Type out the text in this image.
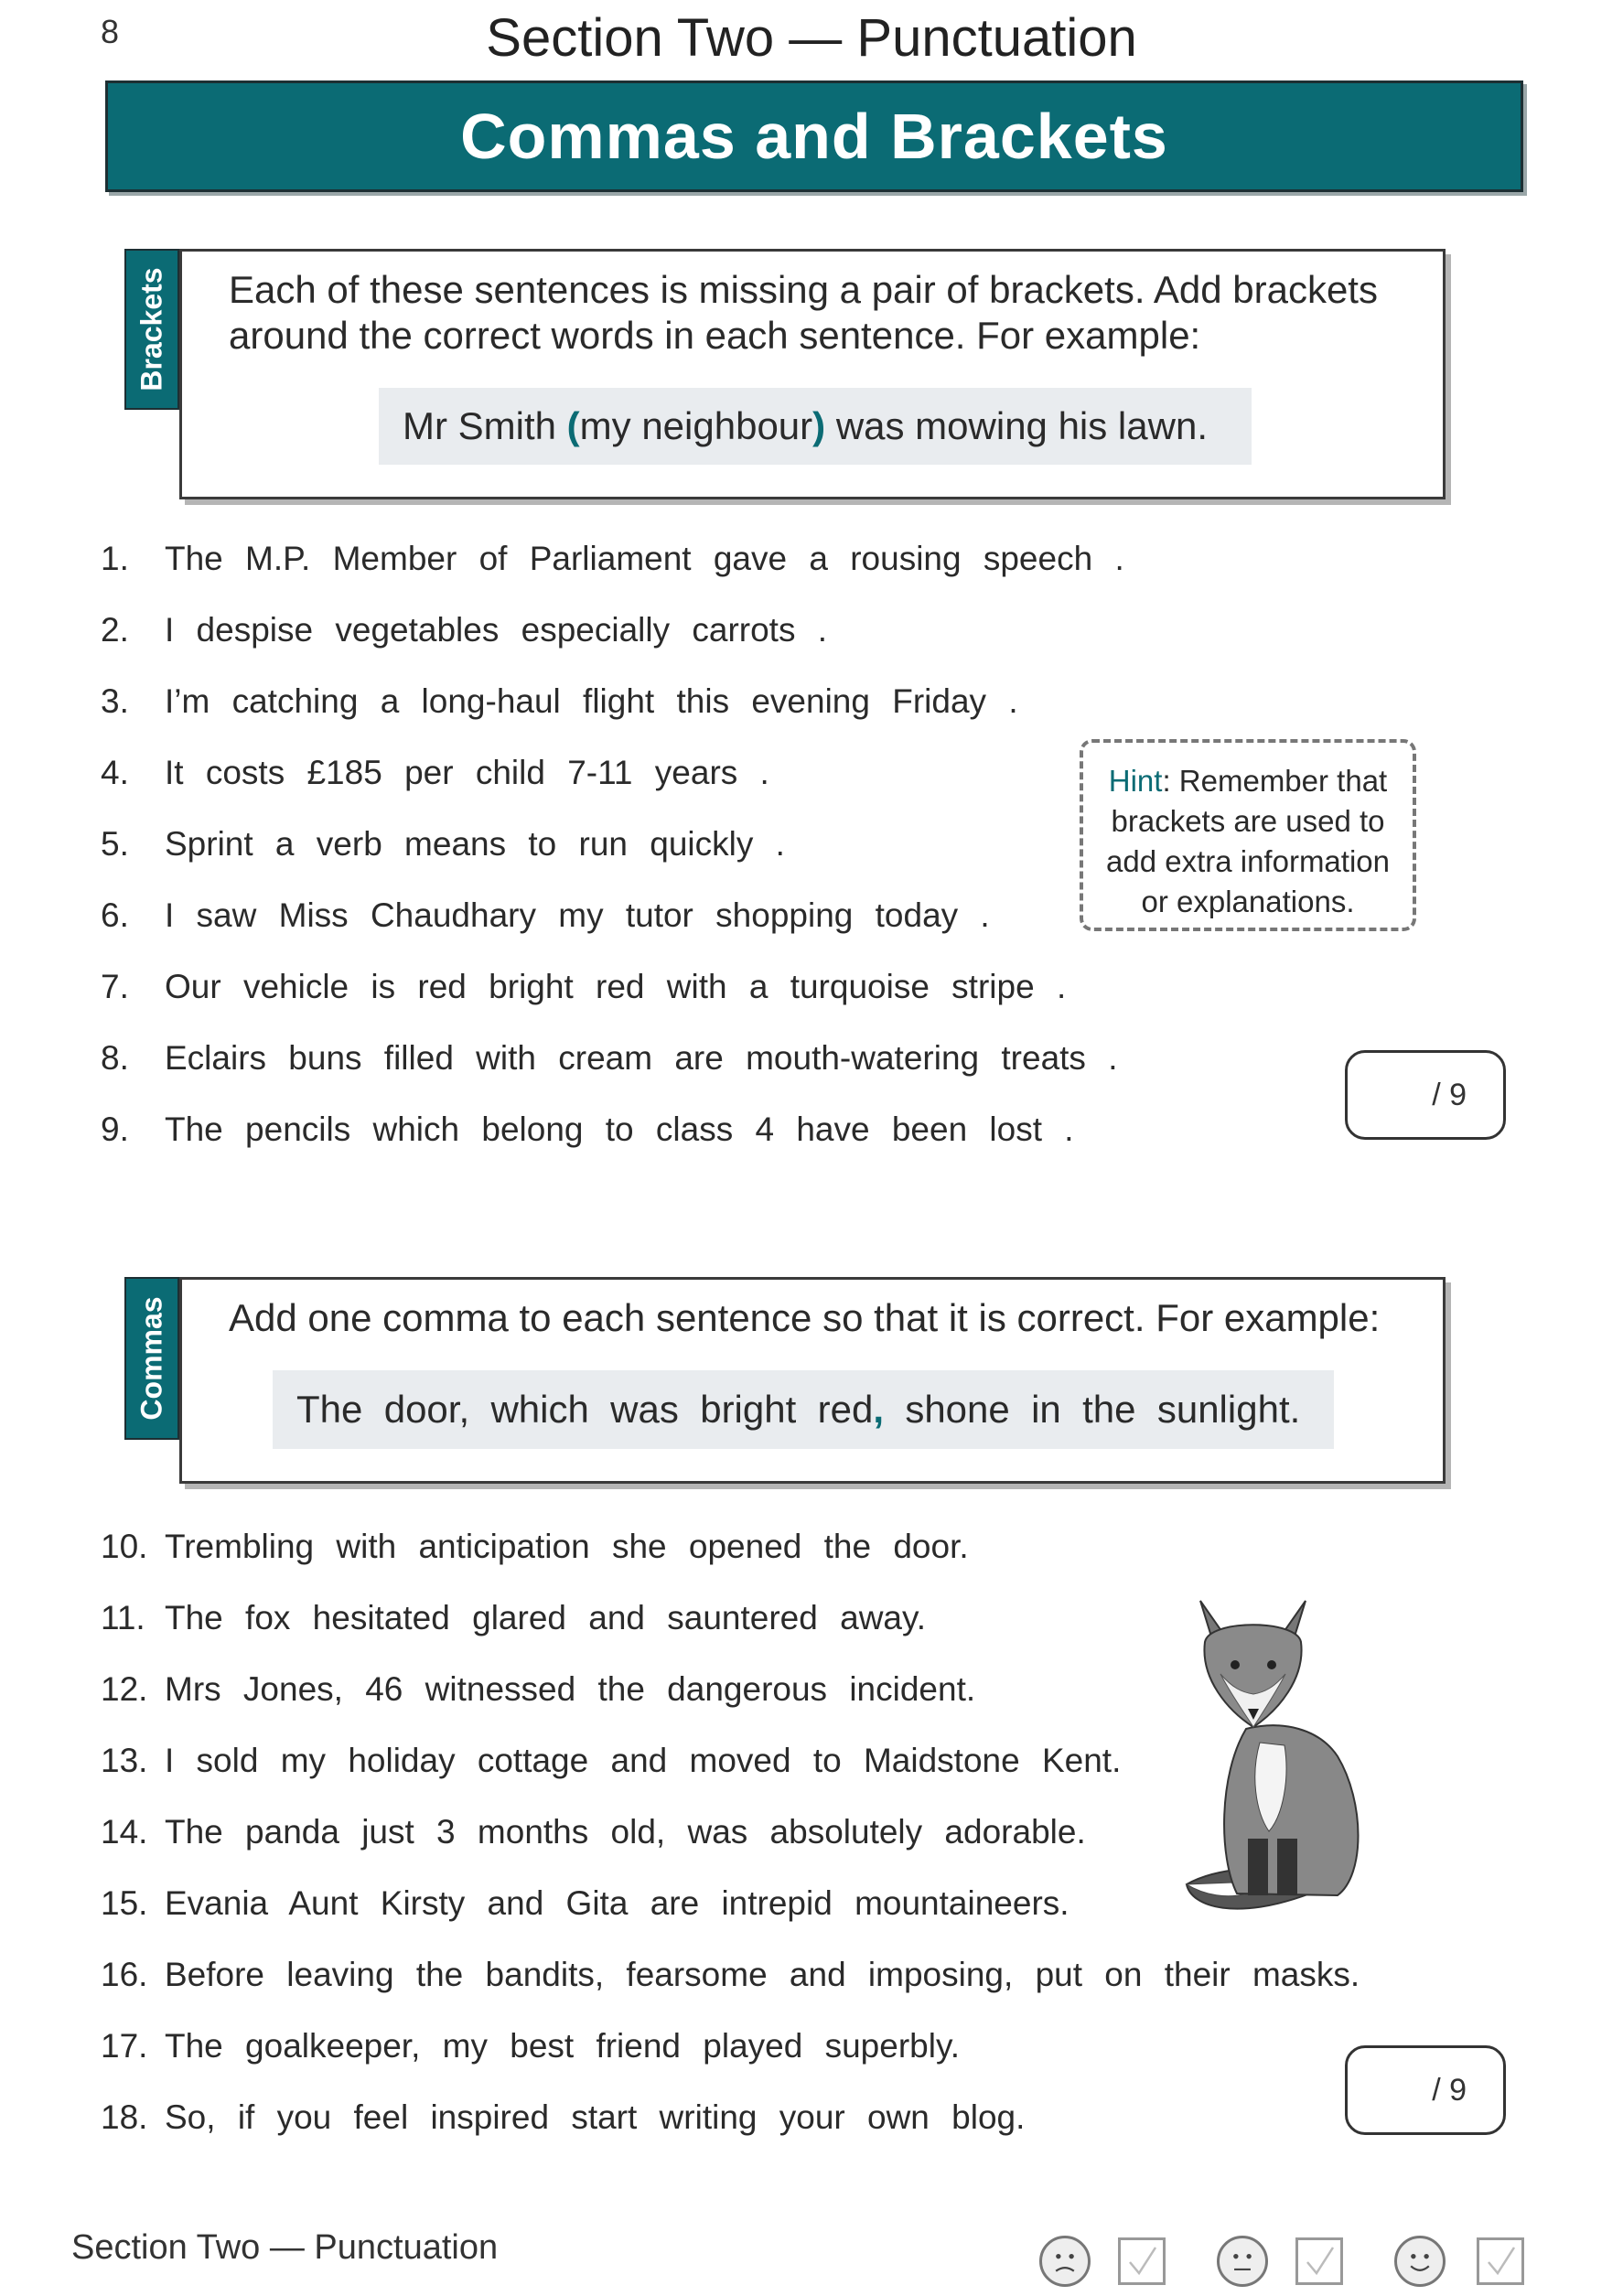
8	Section Two — Punctuation
Commas and Brackets
Brackets Each of these sentences is missing a pair of brackets. Add brackets
around the correct words in each sentence. For example:
Mr Smith ( my neighbour ) was mowing his lawn.
1. The M.P. Member of Parliament gave a rousing speech .
2. I despise vegetables especially carrots .
3. I’m catching a long-haul flight this evening Friday .
4. It costs £185 per child 7-11 years .
5. Sprint a verb means to run quickly .
6. I saw Miss Chaudhary my tutor shopping today .
7. Our vehicle is red bright red with a turquoise stripe .
8. Eclairs buns filled with cream are mouth-watering treats .
9. The pencils which belong to class 4 have been lost .
Hint: Remember that
brackets are used to
add extra information
or explanations.
/ 9
Commas Add one comma to each sentence so that it is correct. For example:
The  door,  which  was  bright  red , shone  in  the  sunlight.
10. Trembling with anticipation she opened the door.
11. The fox hesitated glared and sauntered away.
12. Mrs Jones, 46 witnessed the dangerous incident.
13. I sold my holiday cottage and moved to Maidstone Kent.
14. The panda just 3 months old, was absolutely adorable.
15. Evania Aunt Kirsty and Gita are intrepid mountaineers.
16. Before leaving the bandits, fearsome and imposing, put on their masks.
17. The goalkeeper, my best friend played superbly.
18. So, if you feel inspired start writing your own blog.
/ 9
Section Two — Punctuation
